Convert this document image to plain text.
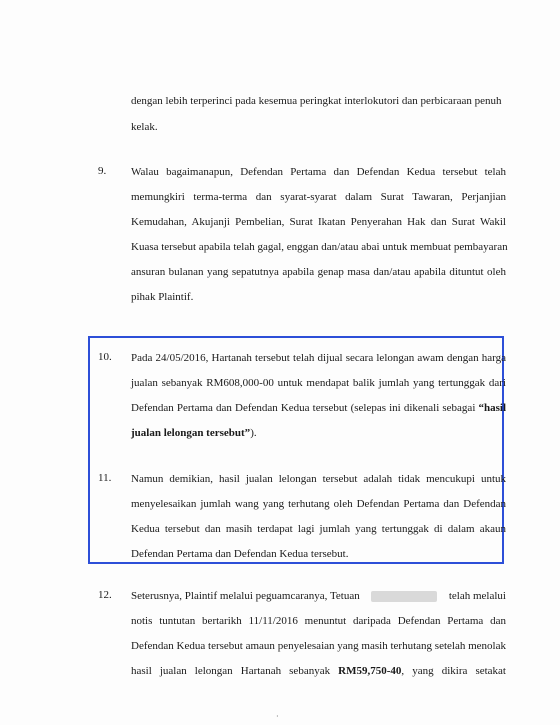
dengan lebih terperinci pada kesemua peringkat interlokutori dan perbicaraan penuh
kelak.
9. Walau bagaimanapun, Defendan Pertama dan Defendan Kedua tersebut telah
memungkiri terma-terma dan syarat-syarat dalam Surat Tawaran, Perjanjian
Kemudahan, Akujanji Pembelian, Surat Ikatan Penyerahan Hak dan Surat Wakil
Kuasa tersebut apabila telah gagal, enggan dan/atau abai untuk membuat pembayaran
ansuran bulanan yang sepatutnya apabila genap masa dan/atau apabila dituntut oleh
pihak Plaintif.
10. Pada 24/05/2016, Hartanah tersebut telah dijual secara lelongan awam dengan harga
jualan sebanyak RM608,000-00 untuk mendapat balik jumlah yang tertunggak dari
Defendan Pertama dan Defendan Kedua tersebut (selepas ini dikenali sebagai “hasil
jualan lelongan tersebut”).
11. Namun demikian, hasil jualan lelongan tersebut adalah tidak mencukupi untuk
menyelesaikan jumlah wang yang terhutang oleh Defendan Pertama dan Defendan
Kedua tersebut dan masih terdapat lagi jumlah yang tertunggak di dalam akaun
Defendan Pertama dan Defendan Kedua tersebut.
12. Seterusnya, Plaintif melalui peguamcaranya, Tetuan	telah melalui
notis tuntutan bertarikh 11/11/2016 menuntut daripada Defendan Pertama dan
Defendan Kedua tersebut amaun penyelesaian yang masih terhutang setelah menolak
hasil jualan lelongan Hartanah sebanyak RM59,750-40, yang dikira setakat
·
